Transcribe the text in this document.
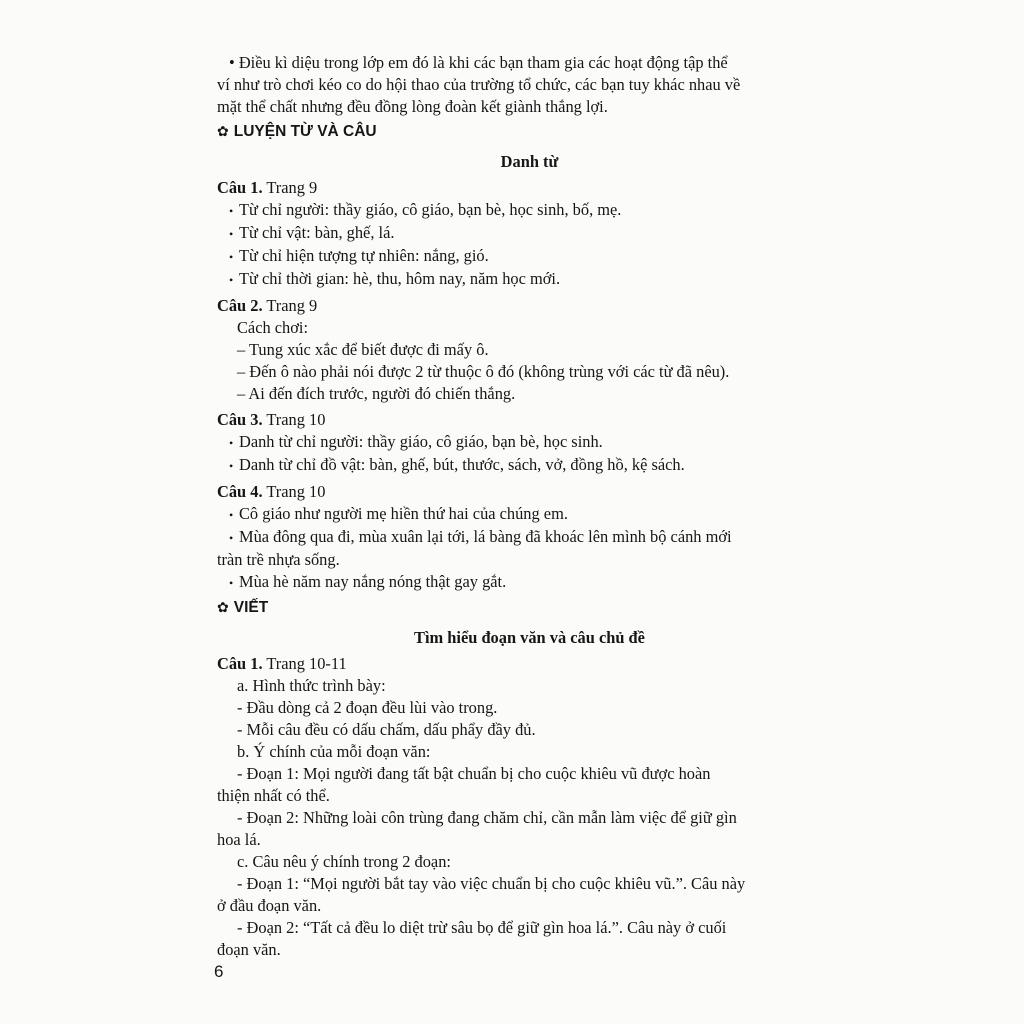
• Điều kì diệu trong lớp em đó là khi các bạn tham gia các hoạt động tập thể
ví như trò chơi kéo co do hội thao của trường tổ chức, các bạn tuy khác nhau về
mặt thể chất nhưng đều đồng lòng đoàn kết giành thắng lợi.
✿ LUYỆN TỪ VÀ CÂU
Danh từ
Câu 1. Trang 9
• Từ chỉ người: thầy giáo, cô giáo, bạn bè, học sinh, bố, mẹ.
• Từ chỉ vật: bàn, ghế, lá.
• Từ chỉ hiện tượng tự nhiên: nắng, gió.
• Từ chỉ thời gian: hè, thu, hôm nay, năm học mới.
Câu 2. Trang 9
Cách chơi:
– Tung xúc xắc để biết được đi mấy ô.
– Đến ô nào phải nói được 2 từ thuộc ô đó (không trùng với các từ đã nêu).
– Ai đến đích trước, người đó chiến thắng.
Câu 3. Trang 10
• Danh từ chỉ người: thầy giáo, cô giáo, bạn bè, học sinh.
• Danh từ chỉ đồ vật: bàn, ghế, bút, thước, sách, vở, đồng hồ, kệ sách.
Câu 4. Trang 10
• Cô giáo như người mẹ hiền thứ hai của chúng em.
• Mùa đông qua đi, mùa xuân lại tới, lá bàng đã khoác lên mình bộ cánh mới
tràn trề nhựa sống.
• Mùa hè năm nay nắng nóng thật gay gắt.
✿ VIẾT
Tìm hiểu đoạn văn và câu chủ đề
Câu 1. Trang 10-11
a. Hình thức trình bày:
- Đầu dòng cả 2 đoạn đều lùi vào trong.
- Mỗi câu đều có dấu chấm, dấu phẩy đầy đủ.
b. Ý chính của mỗi đoạn văn:
- Đoạn 1: Mọi người đang tất bật chuẩn bị cho cuộc khiêu vũ được hoàn
thiện nhất có thể.
- Đoạn 2: Những loài côn trùng đang chăm chỉ, cần mẫn làm việc để giữ gìn
hoa lá.
c. Câu nêu ý chính trong 2 đoạn:
- Đoạn 1: “Mọi người bắt tay vào việc chuẩn bị cho cuộc khiêu vũ.”. Câu này
ở đầu đoạn văn.
- Đoạn 2: “Tất cả đều lo diệt trừ sâu bọ để giữ gìn hoa lá.”. Câu này ở cuối
đoạn văn.
6
